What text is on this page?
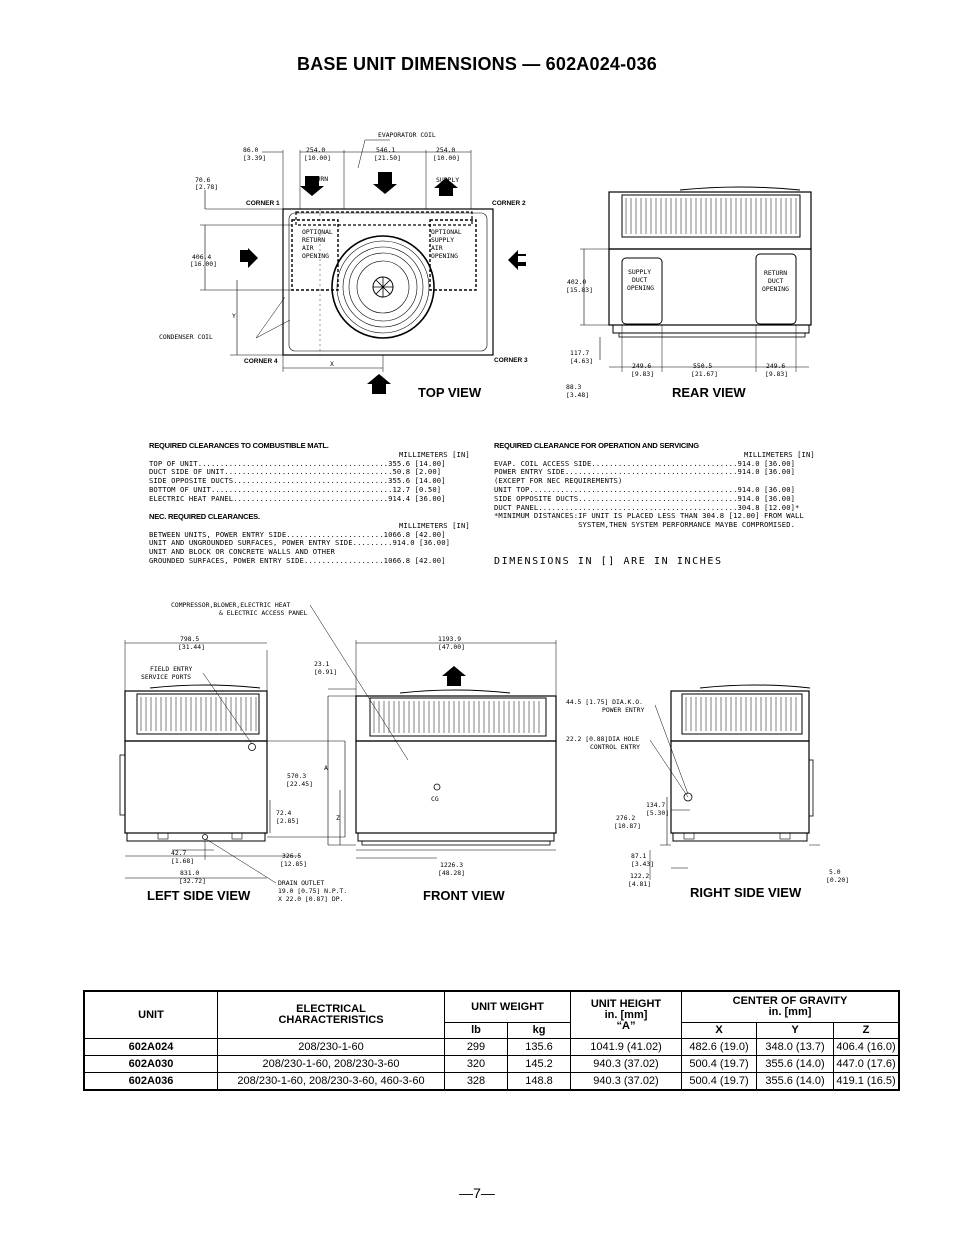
BASE UNIT DIMENSIONS — 602A024-036
86.0
[3.39]
254.0
[10.00]
546.1
[21.50]
254.0
[10.00]
EVAPORATOR COIL
70.6
[2.78]
406.4
[16.00]
RETURN	SUPPLY
OPTIONAL
RETURN
AIR
OPENING
OPTIONAL
SUPPLY
AIR
OPENING
CONDENSER COIL
Y
X
CORNER 1	CORNER 2
CORNER 3
CORNER 4
TOP VIEW
SUPPLY
DUCT
OPENING
RETURN
DUCT
OPENING
402.0
[15.83]
117.7
[4.63]
88.3
[3.48]
249.6
[9.83]
550.5
[21.67]
249.6
[9.83]
REAR VIEW
798.5
[31.44]
FIELD ENTRY
SERVICE PORTS
570.3
[22.45]
72.4
[2.85]
42.7
[1.68]
831.0
[32.72]
326.5
[12.85]
DRAIN OUTLET
19.0 [0.75] N.P.T.
X 22.0 [0.87] DP.
LEFT SIDE VIEW
COMPRESSOR,BLOWER,ELECTRIC HEAT
& ELECTRIC ACCESS PANEL
1193.9
[47.00]
23.1
[0.91]
A
Z
CG
1226.3
[48.28]
FRONT VIEW
44.5 [1.75] DIA.K.O.
POWER ENTRY
22.2 [0.88]DIA HOLE
CONTROL ENTRY
134.7
[5.30]
276.2
[10.87]
87.1
[3.43]
122.2
[4.81]
5.0
[0.20]
RIGHT SIDE VIEW
REQUIRED CLEARANCES TO COMBUSTIBLE MATL.
MILLIMETERS [IN]
TOP OF UNIT...........................................355.6 [14.00]
DUCT SIDE OF UNIT......................................50.8 [2.00]
SIDE OPPOSITE DUCTS...................................355.6 [14.00]
BOTTOM OF UNIT.........................................12.7 [0.50]
ELECTRIC HEAT PANEL...................................914.4 [36.00]
NEC. REQUIRED CLEARANCES.
MILLIMETERS [IN]
BETWEEN UNITS, POWER ENTRY SIDE......................1066.8 [42.00]
UNIT AND UNGROUNDED SURFACES, POWER ENTRY SIDE.........914.0 [36.00]
UNIT AND BLOCK OR CONCRETE WALLS AND OTHER
GROUNDED SURFACES, POWER ENTRY SIDE..................1066.8 [42.00]
REQUIRED CLEARANCE FOR OPERATION AND SERVICING
MILLIMETERS [IN]
EVAP. COIL ACCESS SIDE.................................914.0 [36.00]
POWER ENTRY SIDE.......................................914.0 [36.00]
(EXCEPT FOR NEC REQUIREMENTS)
UNIT TOP...............................................914.0 [36.00]
SIDE OPPOSITE DUCTS....................................914.0 [36.00]
DUCT PANEL.............................................304.8 [12.00]*
*MINIMUM DISTANCES:IF UNIT IS PLACED LESS THAN 304.8 [12.00] FROM WALL
SYSTEM,THEN SYSTEM PERFORMANCE MAYBE COMPROMISED.
DIMENSIONS IN [] ARE IN INCHES
UNIT	ELECTRICAL
CHARACTERISTICS	UNIT WEIGHT		UNIT HEIGHT
in. [mm]
“A”	CENTER OF GRAVITY
in. [mm]		
		lb	kg		X	Y	Z
602A024	208/230-1-60	299	135.6	1041.9 (41.02)	482.6 (19.0)	348.0 (13.7)	406.4 (16.0)
602A030	208/230-1-60, 208/230-3-60	320	145.2	940.3 (37.02)	500.4 (19.7)	355.6 (14.0)	447.0 (17.6)
602A036	208/230-1-60, 208/230-3-60, 460-3-60	328	148.8	940.3 (37.02)	500.4 (19.7)	355.6 (14.0)	419.1 (16.5)
—7—
